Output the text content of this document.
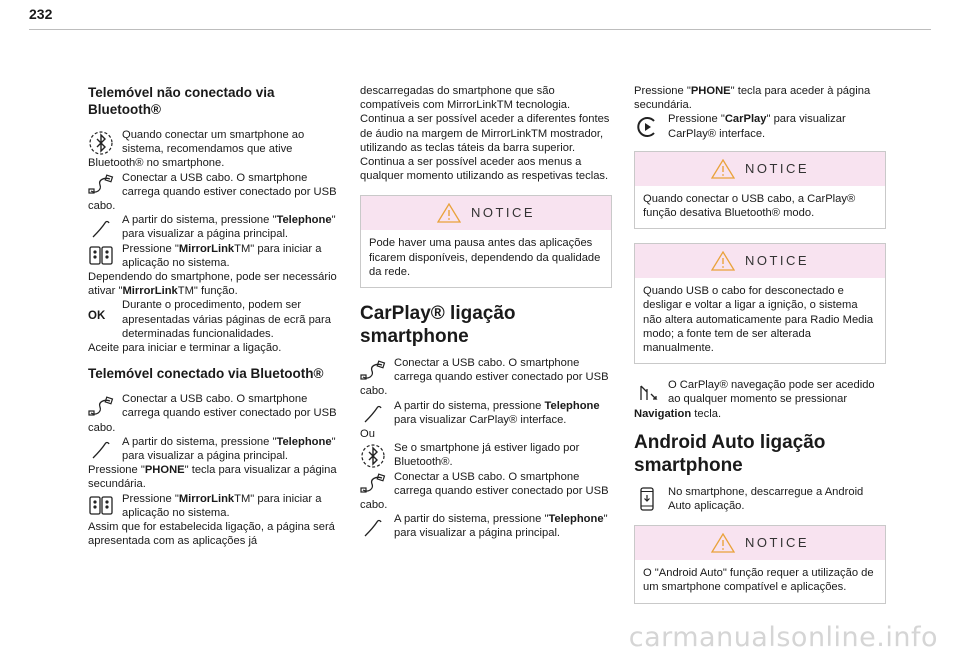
232
Telemóvel não conectado via
Bluetooth®
Quando conectar um smartphone ao sistema, recomendamos que ative Bluetooth® no smartphone.
Conectar a USB cabo. O smartphone carrega quando estiver conectado por USB cabo.
A partir do sistema, pressione "Telephone" para visualizar a página principal.
Pressione "MirrorLinkTM" para iniciar a aplicação no sistema.
Dependendo do smartphone, pode ser necessário ativar "MirrorLinkTM" função.
OK
Durante o procedimento, podem ser apresentadas várias páginas de ecrã para determinadas funcionalidades.
Aceite para iniciar e terminar a ligação.
Telemóvel conectado via Bluetooth®
Conectar a USB cabo. O smartphone carrega quando estiver conectado por USB cabo.
A partir do sistema, pressione "Telephone" para visualizar a página principal.
Pressione "PHONE" tecla para visualizar a página secundária.
Pressione "MirrorLinkTM" para iniciar a aplicação no sistema.
Assim que for estabelecida ligação, a página será apresentada com as aplicações já
descarregadas do smartphone que são compatíveis com MirrorLinkTM tecnologia.
Continua a ser possível aceder a diferentes fontes de áudio na margem de MirrorLinkTM mostrador, utilizando as teclas táteis da barra superior.
Continua a ser possível aceder aos menus a qualquer momento utilizando as respetivas teclas.
NOTICE
Pode haver uma pausa antes das aplicações ficarem disponíveis, dependendo da qualidade da rede.
CarPlay® ligação
smartphone
Conectar a USB cabo. O smartphone carrega quando estiver conectado por USB cabo.
A partir do sistema, pressione Telephone para visualizar CarPlay® interface.
Ou
Se o smartphone já estiver ligado por Bluetooth®.
Conectar a USB cabo. O smartphone carrega quando estiver conectado por USB cabo.
A partir do sistema, pressione "Telephone" para visualizar a página principal.
Pressione "PHONE" tecla para aceder à página secundária.
Pressione "CarPlay" para visualizar CarPlay® interface.
NOTICE
Quando conectar o USB cabo, a CarPlay® função desativa Bluetooth® modo.
NOTICE
Quando USB o cabo for desconectado e desligar e voltar a ligar a ignição, o sistema não altera automaticamente para Radio Media modo; a fonte tem de ser alterada manualmente.
O CarPlay® navegação pode ser acedido ao qualquer momento se pressionar Navigation tecla.
Android Auto ligação
smartphone
No smartphone, descarregue a Android Auto aplicação.
NOTICE
O "Android Auto" função requer a utilização de um smartphone compatível e aplicações.
carmanualsonline.info
